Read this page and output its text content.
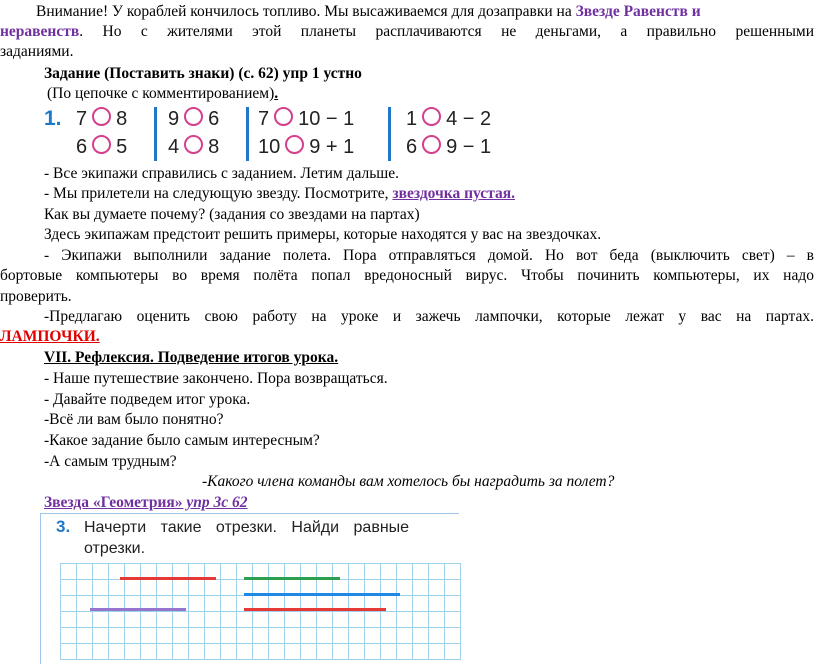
Внимание! У кораблей кончилось топливо. Мы высаживаемся для дозаправки на Звезде Равенств и
неравенств. Но с жителями этой планеты расплачиваются не деньгами, а правильно решенными
заданиями.
Задание (Поставить знаки) (с. 62) упр 1 устно
(По цепочке с комментированием).
1. 7 8
6 5
9 6
4 8
7 10 − 1
10 9 + 1
1 4 − 2
6 9 − 1
- Все экипажи справились с заданием. Летим дальше.
- Мы прилетели на следующую звезду. Посмотрите, звездочка пустая.
Как вы думаете почему? (задания со звездами на партах)
Здесь экипажам предстоит решить примеры, которые находятся у вас на звездочках.
- Экипажи выполнили задание полета. Пора отправляться домой. Но вот беда (выключить свет) – в
бортовые компьютеры во время полёта попал вредоносный вирус. Чтобы починить компьютеры, их надо
проверить.
-Предлагаю оценить свою работу на уроке и зажечь лампочки, которые лежат у вас на партах.
ЛАМПОЧКИ.
VII. Рефлексия. Подведение итогов урока.
- Наше путешествие закончено. Пора возвращаться.
- Давайте подведем итог урока.
-Всё ли вам было понятно?
-Какое задание было самым интересным?
-А самым трудным?
-Какого члена команды вам хотелось бы наградить за полет?
Звезда «Геометрия» упр 3с 62
3. Начерти такие отрезки. Найди равные
отрезки.
